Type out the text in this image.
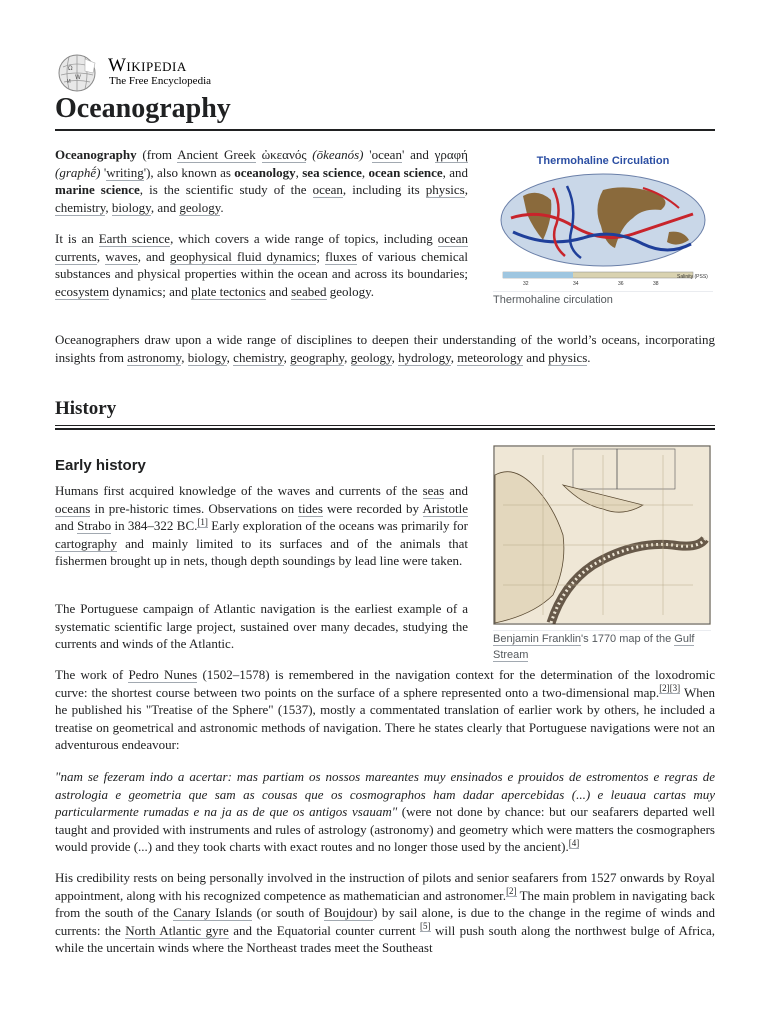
Ω
W
И
Wikipedia
The Free Encyclopedia
Oceanography

Oceanography (from Ancient Greek ὠκεανός (ōkeanós) 'ocean' and γραφή (graphḗ) 'writing'), also known as oceanology, sea science, ocean science, and marine science, is the scientific study of the ocean, including its physics, chemistry, biology, and geology.

It is an Earth science, which covers a wide range of topics, including ocean currents, waves, and geophysical fluid dynamics; fluxes of various chemical substances and physical properties within the ocean and across its boundaries; ecosystem dynamics; and plate tectonics and seabed geology.

Thermohaline Circulation
32	34	36	38
Salinity (PSS)
Thermohaline circulation

Oceanographers draw upon a wide range of disciplines to deepen their understanding of the world’s oceans, incorporating insights from astronomy, biology, chemistry, geography, geology, hydrology, meteorology and physics.

History
Early history
Benjamin Franklin's 1770 map of the Gulf Stream

Humans first acquired knowledge of the waves and currents of the seas and oceans in pre-historic times. Observations on tides were recorded by Aristotle and Strabo in 384–322 BC.[1] Early exploration of the oceans was primarily for cartography and mainly limited to its surfaces and of the animals that fishermen brought up in nets, though depth soundings by lead line were taken.

The Portuguese campaign of Atlantic navigation is the earliest example of a systematic scientific large project, sustained over many decades, studying the currents and winds of the Atlantic.

The work of Pedro Nunes (1502–1578) is remembered in the navigation context for the determination of the loxodromic curve: the shortest course between two points on the surface of a sphere represented onto a two-dimensional map.[2][3] When he published his "Treatise of the Sphere" (1537), mostly a commentated translation of earlier work by others, he included a treatise on geometrical and astronomic methods of navigation. There he states clearly that Portuguese navigations were not an adventurous endeavour:

"nam se fezeram indo a acertar: mas partiam os nossos mareantes muy ensinados e prouidos de estromentos e regras de astrologia e geometria que sam as cousas que os cosmographos ham dadar apercebidas (...) e leuaua cartas muy particularmente rumadas e na ja as de que os antigos vsauam" (were not done by chance: but our seafarers departed well taught and provided with instruments and rules of astrology (astronomy) and geometry which were matters the cosmographers would provide (...) and they took charts with exact routes and no longer those used by the ancient).[4]

His credibility rests on being personally involved in the instruction of pilots and senior seafarers from 1527 onwards by Royal appointment, along with his recognized competence as mathematician and astronomer.[2] The main problem in navigating back from the south of the Canary Islands (or south of Boujdour) by sail alone, is due to the change in the regime of winds and currents: the North Atlantic gyre and the Equatorial counter current [5] will push south along the northwest bulge of Africa, while the uncertain winds where the Northeast trades meet the Southeast
